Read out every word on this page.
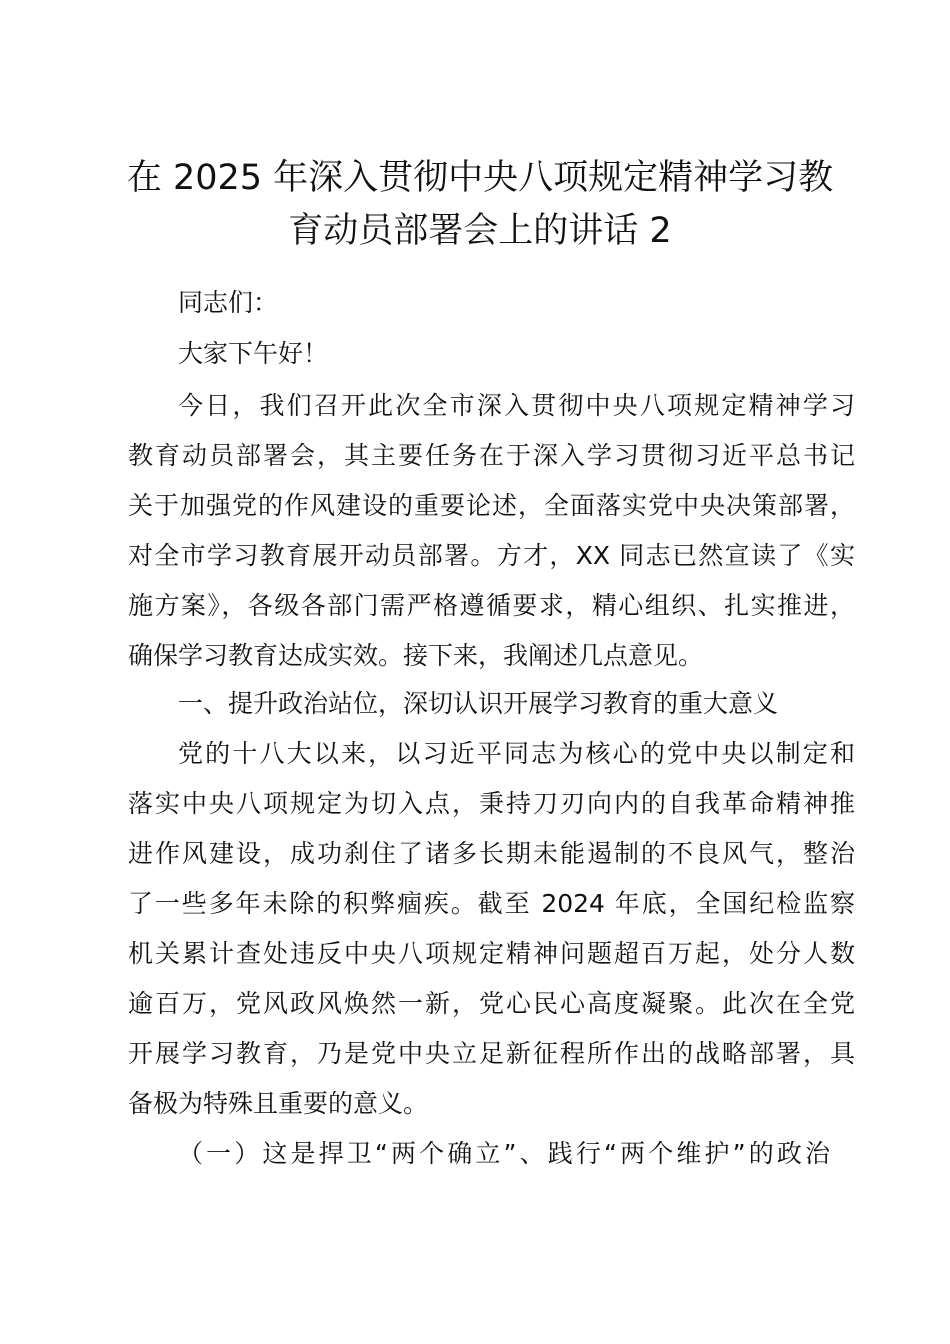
在 2025 年深入贯彻中央八项规定精神学习教
育动员部署会上的讲话 2

同志们：

大家下午好！

今日，我们召开此次全市深入贯彻中央八项规定精神学习

教育动员部署会，其主要任务在于深入学习贯彻习近平总书记

关于加强党的作风建设的重要论述，全面落实党中央决策部署，

对全市学习教育展开动员部署。方才，XX 同志已然宣读了《实

施方案》，各级各部门需严格遵循要求，精心组织、扎实推进，

确保学习教育达成实效。接下来，我阐述几点意见。

一、提升政治站位，深切认识开展学习教育的重大意义

党的十八大以来，以习近平同志为核心的党中央以制定和

落实中央八项规定为切入点，秉持刀刃向内的自我革命精神推

进作风建设，成功刹住了诸多长期未能遏制的不良风气，整治

了一些多年未除的积弊痼疾。截至 2024 年底，全国纪检监察

机关累计查处违反中央八项规定精神问题超百万起，处分人数

逾百万，党风政风焕然一新，党心民心高度凝聚。此次在全党

开展学习教育，乃是党中央立足新征程所作出的战略部署，具

备极为特殊且重要的意义。

（一）这是捍卫“两个确立”、践行“两个维护”的政治
